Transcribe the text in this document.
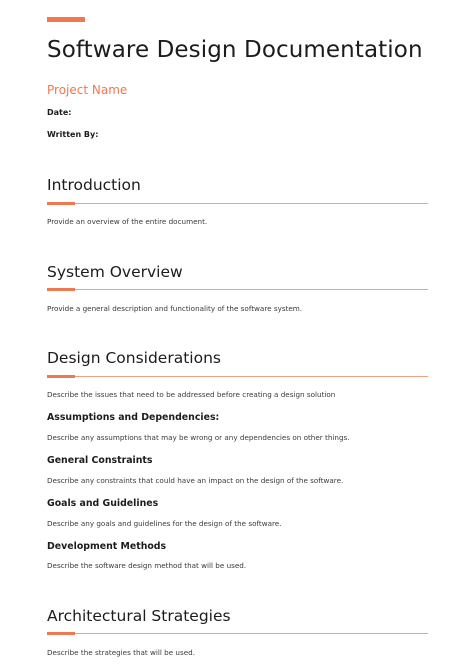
Software Design Documentation
Project Name
Date:
Written By:
Introduction
Provide an overview of the entire document.
System Overview
Provide a general description and functionality of the software system.
Design Considerations
Describe the issues that need to be addressed before creating a design solution
Assumptions and Dependencies:
Describe any assumptions that may be wrong or any dependencies on other things.
General Constraints
Describe any constraints that could have an impact on the design of the software.
Goals and Guidelines
Describe any goals and guidelines for the design of the software.
Development Methods
Describe the software design method that will be used.
Architectural Strategies
Describe the strategies that will be used.
